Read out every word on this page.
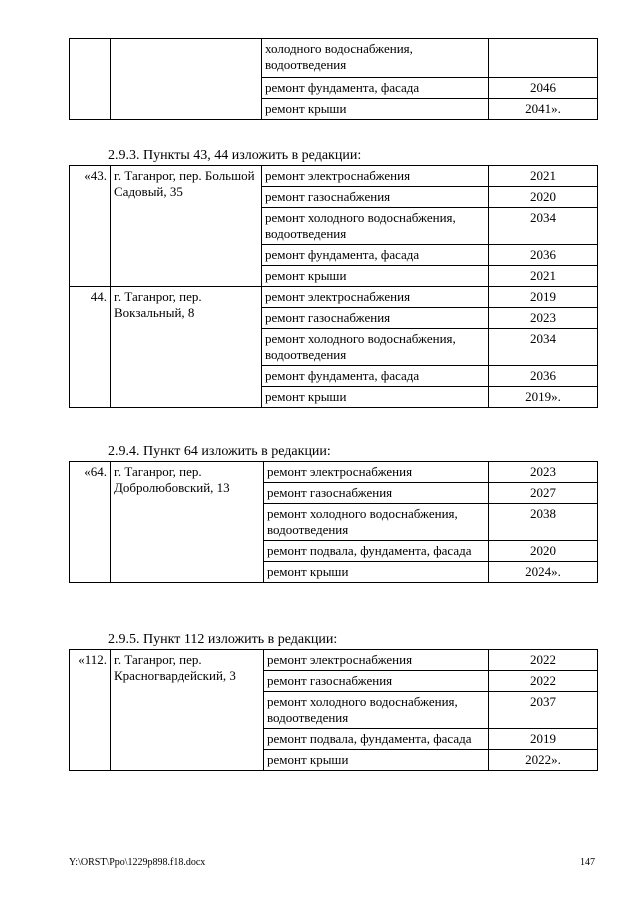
		холодного водоснабжения, водоотведения	
		ремонт фундамента, фасада	2046
		ремонт крыши	2041».
2.9.3. Пункты 43, 44 изложить в редакции:
«43.	г. Таганрог, пер. Большой Садовый, 35	ремонт электроснабжения	2021
		ремонт газоснабжения	2020
		ремонт холодного водоснабжения, водоотведения	2034
		ремонт фундамента, фасада	2036
		ремонт крыши	2021
44.	г. Таганрог, пер. Вокзальный, 8	ремонт электроснабжения	2019
		ремонт газоснабжения	2023
		ремонт холодного водоснабжения, водоотведения	2034
		ремонт фундамента, фасада	2036
		ремонт крыши	2019».
2.9.4. Пункт 64 изложить в редакции:
«64.	г. Таганрог, пер. Добролюбовский, 13	ремонт электроснабжения	2023
		ремонт газоснабжения	2027
		ремонт холодного водоснабжения, водоотведения	2038
		ремонт подвала, фундамента, фасада	2020
		ремонт крыши	2024».
2.9.5. Пункт 112 изложить в редакции:
«112.	г. Таганрог, пер. Красногвардейский, 3	ремонт электроснабжения	2022
		ремонт газоснабжения	2022
		ремонт холодного водоснабжения, водоотведения	2037
		ремонт подвала, фундамента, фасада	2019
		ремонт крыши	2022».
Y:\ORST\Ppo\1229p898.f18.docx	147
